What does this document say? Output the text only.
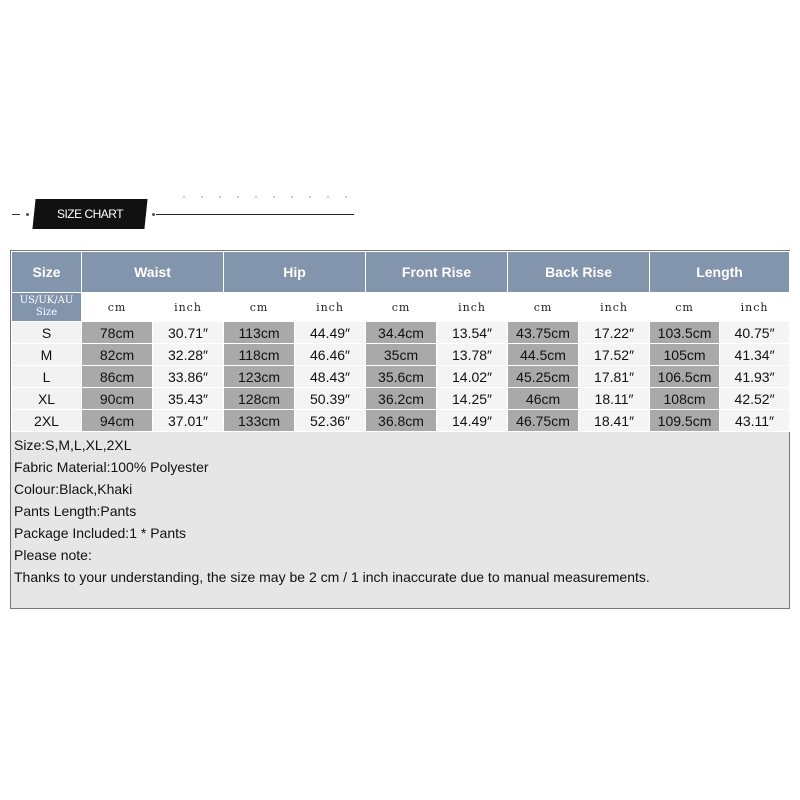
SIZE CHART
Size	Waist		Hip		Front Rise		Back Rise		Length	
US/UK/AU Size	cm	inch	cm	inch	cm	inch	cm	inch	cm	inch
S	78cm	30.71″	113cm	44.49″	34.4cm	13.54″	43.75cm	17.22″	103.5cm	40.75″
M	82cm	32.28″	118cm	46.46″	35cm	13.78″	44.5cm	17.52″	105cm	41.34″
L	86cm	33.86″	123cm	48.43″	35.6cm	14.02″	45.25cm	17.81″	106.5cm	41.93″
XL	90cm	35.43″	128cm	50.39″	36.2cm	14.25″	46cm	18.11″	108cm	42.52″
2XL	94cm	37.01″	133cm	52.36″	36.8cm	14.49″	46.75cm	18.41″	109.5cm	43.11″
Size:S,M,L,XL,2XL
Fabric Material:100% Polyester
Colour:Black,Khaki
Pants Length:Pants
Package Included:1 * Pants
Please note:
Thanks to your understanding, the size may be 2 cm / 1 inch inaccurate due to manual measurements.
